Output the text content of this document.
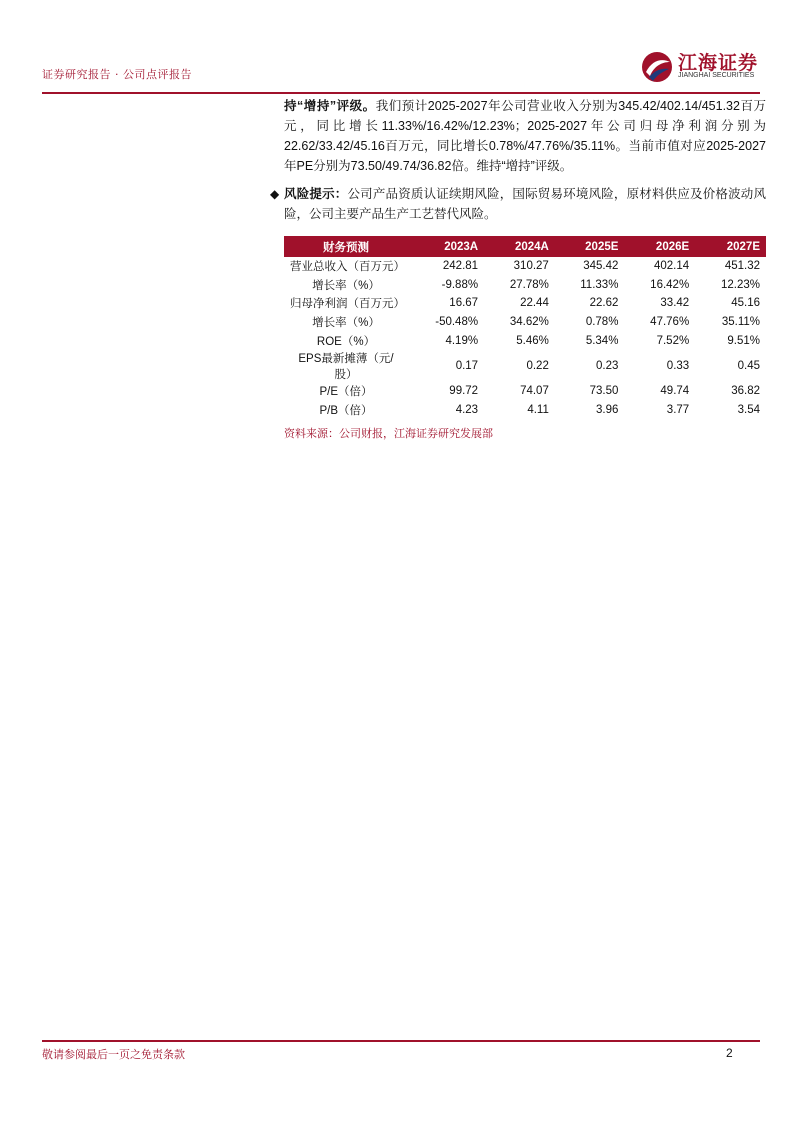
证券研究报告 · 公司点评报告
江海证券
JIANGHAI SECURITIES

持“增持”评级。我们预计2025-2027年公司营业收入分别为345.42/402.14/451.32百万元，同比增长11.33%/16.42%/12.23%；2025-2027年公司归母净利润分别为22.62/33.42/45.16百万元，同比增长0.78%/47.76%/35.11%。当前市值对应2025-2027年PE分别为73.50/49.74/36.82倍。维持“增持”评级。

◆ 风险提示：公司产品资质认证续期风险，国际贸易环境风险，原材料供应及价格波动风险，公司主要产品生产工艺替代风险。

财务预测	2023A	2024A	2025E	2026E	2027E
营业总收入（百万元）	242.81	310.27	345.42	402.14	451.32
增长率（%）	-9.88%	27.78%	11.33%	16.42%	12.23%
归母净利润（百万元）	16.67	22.44	22.62	33.42	45.16
增长率（%）	-50.48%	34.62%	0.78%	47.76%	35.11%
ROE（%）	4.19%	5.46%	5.34%	7.52%	9.51%
EPS最新摊薄（元/股）	0.17	0.22	0.23	0.33	0.45
P/E（倍）	99.72	74.07	73.50	49.74	36.82
P/B（倍）	4.23	4.11	3.96	3.77	3.54
资料来源：公司财报，江海证券研究发展部
敬请参阅最后一页之免责条款	2
